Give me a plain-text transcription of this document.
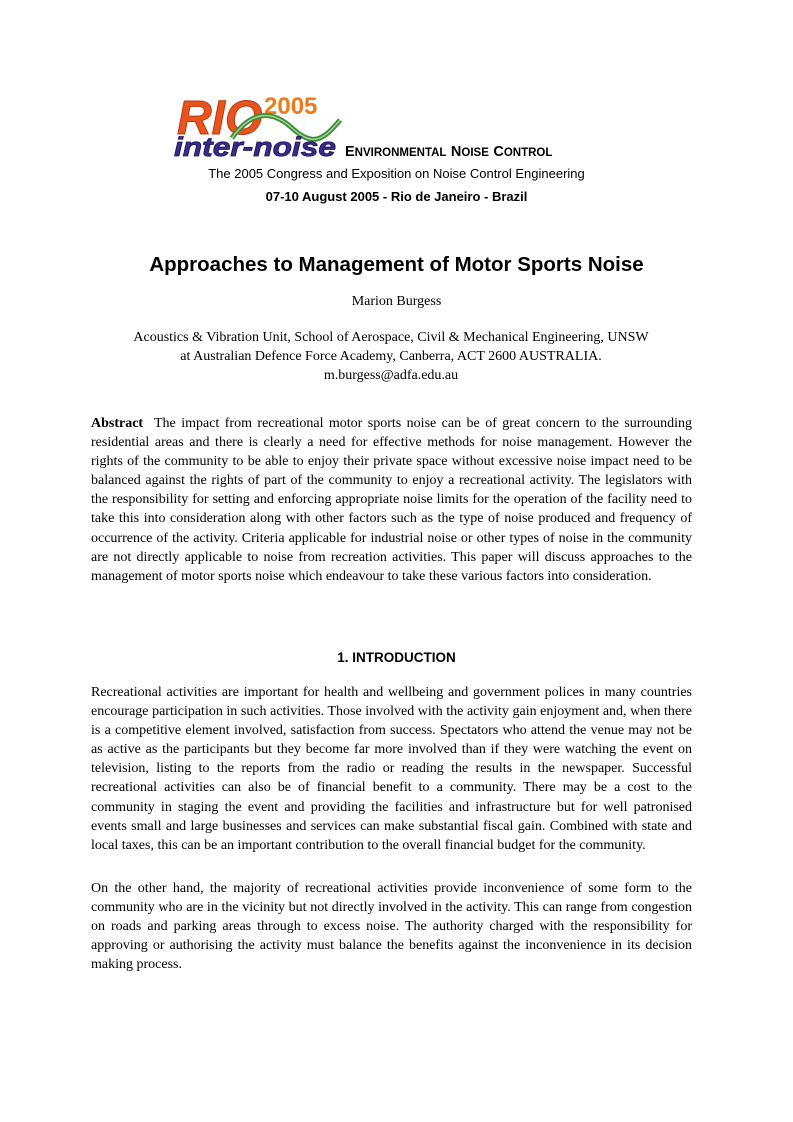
RIO 2005
inter-noise ENVIRONMENTAL NOISE CONTROL
The 2005 Congress and Exposition on Noise Control Engineering
07-10 August 2005 - Rio de Janeiro - Brazil
Approaches to Management of Motor Sports Noise
Marion Burgess
Acoustics & Vibration Unit, School of Aerospace, Civil & Mechanical Engineering, UNSW
at Australian Defence Force Academy, Canberra, ACT 2600 AUSTRALIA.
m.burgess@adfa.edu.au
Abstract The impact from recreational motor sports noise can be of great concern to the surrounding residential areas and there is clearly a need for effective methods for noise management. However the rights of the community to be able to enjoy their private space without excessive noise impact need to be balanced against the rights of part of the community to enjoy a recreational activity. The legislators with the responsibility for setting and enforcing appropriate noise limits for the operation of the facility need to take this into consideration along with other factors such as the type of noise produced and frequency of occurrence of the activity. Criteria applicable for industrial noise or other types of noise in the community are not directly applicable to noise from recreation activities. This paper will discuss approaches to the management of motor sports noise which endeavour to take these various factors into consideration.
1. INTRODUCTION
Recreational activities are important for health and wellbeing and government polices in many countries encourage participation in such activities. Those involved with the activity gain enjoyment and, when there is a competitive element involved, satisfaction from success. Spectators who attend the venue may not be as active as the participants but they become far more involved than if they were watching the event on television, listing to the reports from the radio or reading the results in the newspaper. Successful recreational activities can also be of financial benefit to a community. There may be a cost to the community in staging the event and providing the facilities and infrastructure but for well patronised events small and large businesses and services can make substantial fiscal gain. Combined with state and local taxes, this can be an important contribution to the overall financial budget for the community.
On the other hand, the majority of recreational activities provide inconvenience of some form to the community who are in the vicinity but not directly involved in the activity. This can range from congestion on roads and parking areas through to excess noise. The authority charged with the responsibility for approving or authorising the activity must balance the benefits against the inconvenience in its decision making process.
